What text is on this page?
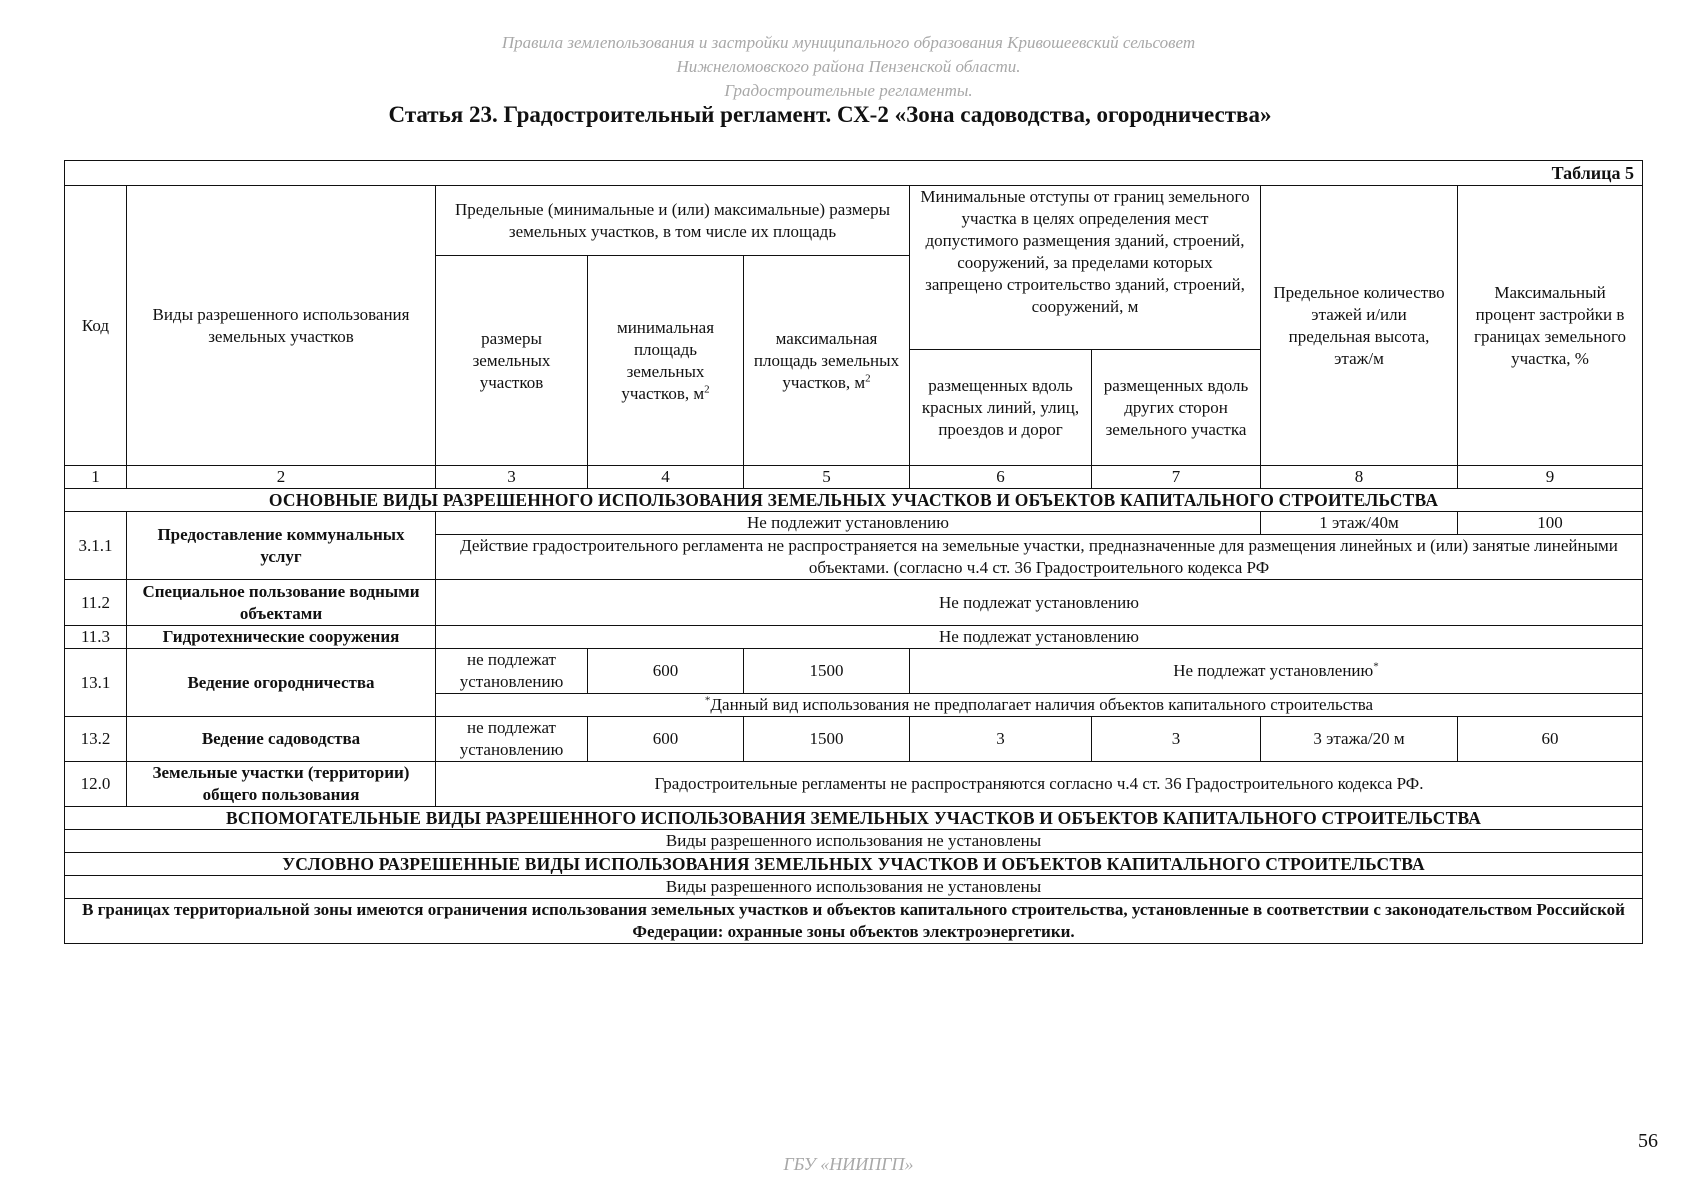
Правила землепользования и застройки муниципального образования Кривошеевский сельсовет
Нижнеломовского района Пензенской области.
Градостроительные регламенты.
Статья 23. Градостроительный регламент. СХ-2 «Зона садоводства, огородничества»
Таблица 5								
Код	Виды разрешенного использования земельных участков	Предельные (минимальные и (или) максимальные) размеры земельных участков, в том числе их площадь			Минимальные отступы от границ земельного участка в целях определения мест допустимого размещения зданий, строений, сооружений, за пределами которых запрещено строительство зданий, строений, сооружений, м		Предельное количество этажей и/или предельная высота, этаж/м	Максимальный процент застройки в границах земельного участка, %
		размеры земельных участков	минимальная площадь земельных участков, $м^2$	максимальная площадь земельных участков, $м^2$
					размещенных вдоль красных линий, улиц, проездов и дорог	размещенных вдоль других сторон земельного участка		
1	2	3	4	5	6	7	8	9
ОСНОВНЫЕ ВИДЫ РАЗРЕШЕННОГО ИСПОЛЬЗОВАНИЯ ЗЕМЕЛЬНЫХ УЧАСТКОВ И ОБЪЕКТОВ КАПИТАЛЬНОГО СТРОИТЕЛЬСТВА								
3.1.1	Предоставление коммунальных услуг	Не подлежит установлению					1 этаж/40м	100
		Действие градостроительного регламента не распространяется на земельные участки, предназначенные для размещения линейных и (или) занятые линейными объектами. (согласно ч.4 ст. 36 Градостроительного кодекса РФ						
11.2	Специальное пользование водными объектами	Не подлежат установлению						
11.3	Гидротехнические сооружения	Не подлежат установлению						
13.1	Ведение огородничества	не подлежат установлению	600	1500	Не подлежат установлению*
		*Данный вид использования не предполагает наличия объектов капитального строительства						
13.2	Ведение садоводства	не подлежат установлению	600	1500	3	3	3 этажа/20 м	60
12.0	Земельные участки (территории) общего пользования	Градостроительные регламенты не распространяются согласно ч.4 ст. 36 Градостроительного кодекса РФ.						
ВСПОМОГАТЕЛЬНЫЕ ВИДЫ РАЗРЕШЕННОГО ИСПОЛЬЗОВАНИЯ ЗЕМЕЛЬНЫХ УЧАСТКОВ И ОБЪЕКТОВ КАПИТАЛЬНОГО СТРОИТЕЛЬСТВА								
Виды разрешенного использования не установлены								
УСЛОВНО РАЗРЕШЕННЫЕ ВИДЫ ИСПОЛЬЗОВАНИЯ ЗЕМЕЛЬНЫХ УЧАСТКОВ И ОБЪЕКТОВ КАПИТАЛЬНОГО СТРОИТЕЛЬСТВА								
Виды разрешенного использования не установлены								
В границах территориальной зоны имеются ограничения использования земельных участков и объектов капитального строительства, установленные в соответствии с законодательством Российской Федерации: охранные зоны объектов электроэнергетики.								
56
ГБУ «НИИПГП»
